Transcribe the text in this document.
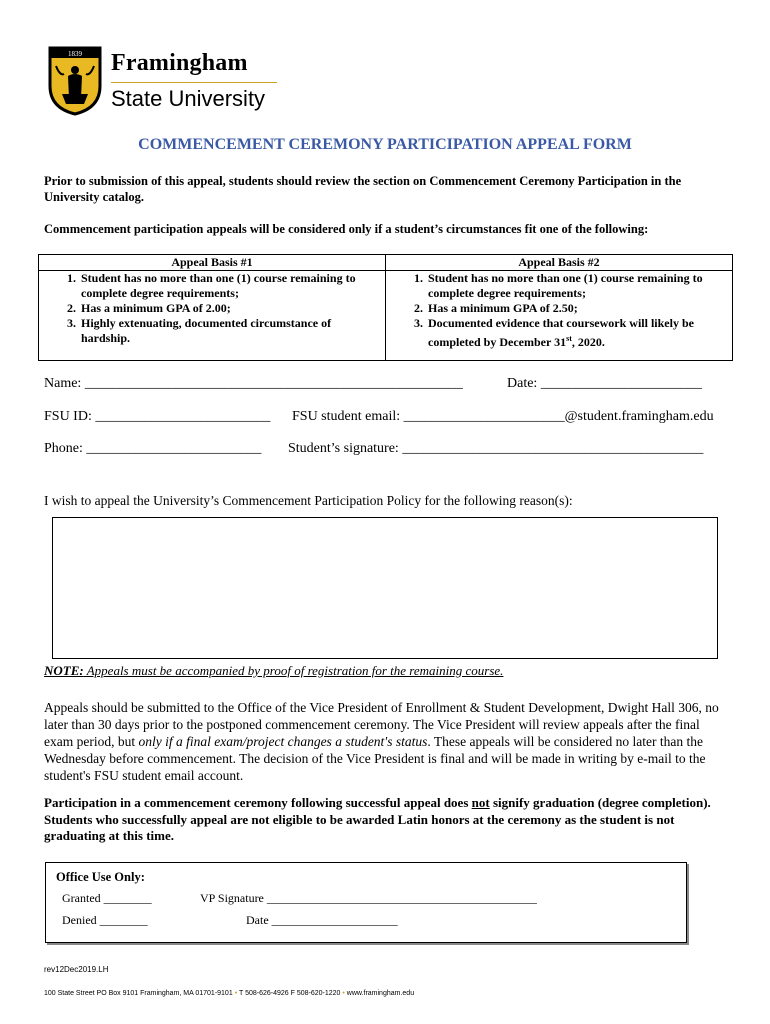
1839 Framingham
State University
COMMENCEMENT CEREMONY PARTICIPATION APPEAL FORM
Prior to submission of this appeal, students should review the section on Commencement Ceremony Participation in the University catalog.
Commencement participation appeals will be considered only if a student’s circumstances fit one of the following:
Appeal Basis #1
1. Student has no more than one (1) course remaining to complete degree requirements;
2. Has a minimum GPA of 2.00;
3. Highly extenuating, documented circumstance of hardship.
Appeal Basis #2
1. Student has no more than one (1) course remaining to complete degree requirements;
2. Has a minimum GPA of 2.50;
3. Documented evidence that coursework will likely be completed by December 31st, 2020.
Name: ______________________________________________________	Date: _______________________
FSU ID: _________________________ FSU student email: _______________________@student.framingham.edu
Phone: _________________________ Student’s signature: ___________________________________________
I wish to appeal the University’s Commencement Participation Policy for the following reason(s):
NOTE: Appeals must be accompanied by proof of registration for the remaining course.
Appeals should be submitted to the Office of the Vice President of Enrollment & Student Development, Dwight Hall 306, no later than 30 days prior to the postponed commencement ceremony. The Vice President will review appeals after the final exam period, but only if a final exam/project changes a student's status. These appeals will be considered no later than the Wednesday before commencement. The decision of the Vice President is final and will be made in writing by e-mail to the student's FSU student email account.
Participation in a commencement ceremony following successful appeal does not signify graduation (degree completion). Students who successfully appeal are not eligible to be awarded Latin honors at the ceremony as the student is not graduating at this time.
Office Use Only:
Granted ________	VP Signature _____________________________________________
Denied ________	Date _____________________
rev12Dec2019.LH
100 State Street PO Box 9101 Framingham, MA 01701-9101 • T 508-626-4926 F 508-620-1220 • www.framingham.edu
